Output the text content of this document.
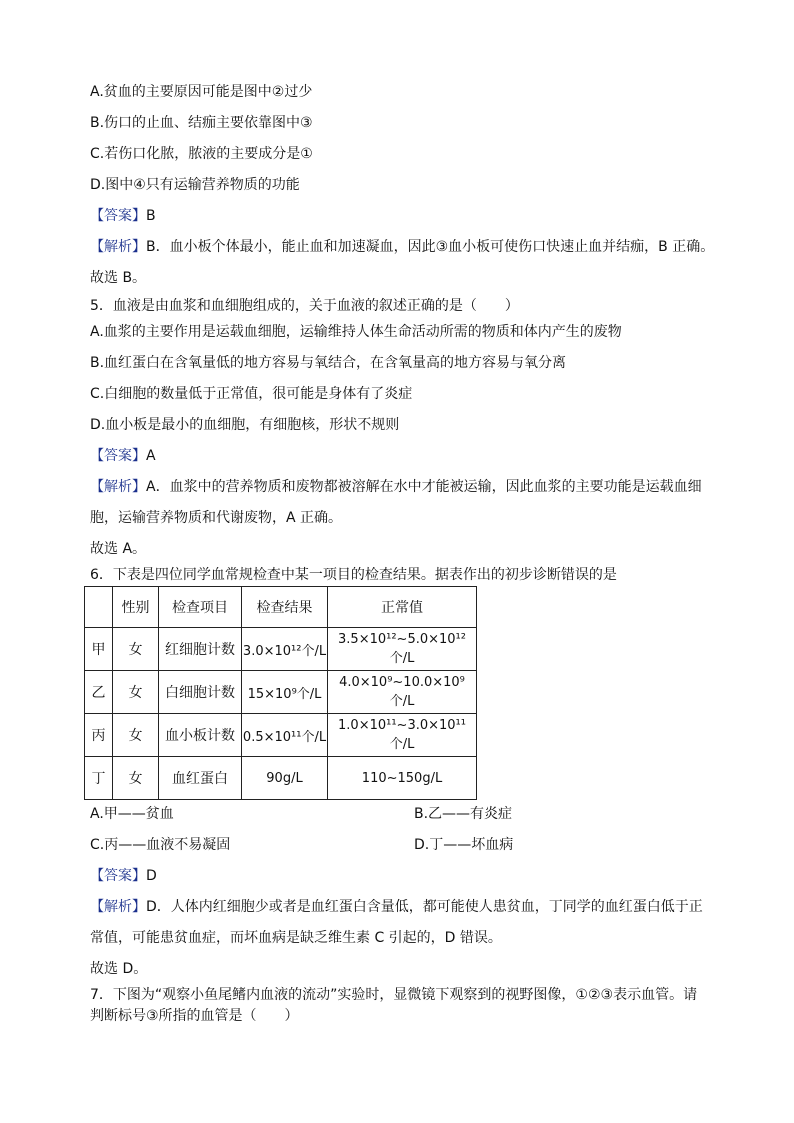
A.贫血的主要原因可能是图中②过少
B.伤口的止血、结痂主要依靠图中③
C.若伤口化脓，脓液的主要成分是①
D.图中④只有运输营养物质的功能
【答案】B
【解析】B．血小板个体最小，能止血和加速凝血，因此③血小板可使伤口快速止血并结痂，B 正确。
故选 B。
5．血液是由血浆和血细胞组成的，关于血液的叙述正确的是（　　）
A.血浆的主要作用是运载血细胞，运输维持人体生命活动所需的物质和体内产生的废物
B.血红蛋白在含氧量低的地方容易与氧结合，在含氧量高的地方容易与氧分离
C.白细胞的数量低于正常值，很可能是身体有了炎症
D.血小板是最小的血细胞，有细胞核，形状不规则
【答案】A
【解析】A．血浆中的营养物质和废物都被溶解在水中才能被运输，因此血浆的主要功能是运载血细
胞，运输营养物质和代谢废物，A 正确。
故选 A。
6．下表是四位同学血常规检查中某一项目的检查结果。据表作出的初步诊断错误的是
	性别	检查项目	检查结果	正常值
甲	女	红细胞计数	3.0×10¹²个/L	3.5×10¹²~5.0×10¹²个/L
乙	女	白细胞计数	15×10⁹个/L	4.0×10⁹~10.0×10⁹个/L
丙	女	血小板计数	0.5×10¹¹个/L	1.0×10¹¹~3.0×10¹¹个/L
丁	女	血红蛋白	90g/L	110~150g/L
A.甲——贫血	B.乙——有炎症
C.丙——血液不易凝固	D.丁——坏血病
【答案】D
【解析】D．人体内红细胞少或者是血红蛋白含量低，都可能使人患贫血，丁同学的血红蛋白低于正
常值，可能患贫血症，而坏血病是缺乏维生素 C 引起的，D 错误。
故选 D。
7．下图为“观察小鱼尾鳍内血液的流动”实验时，显微镜下观察到的视野图像，①②③表示血管。请
判断标号③所指的血管是（　　）
